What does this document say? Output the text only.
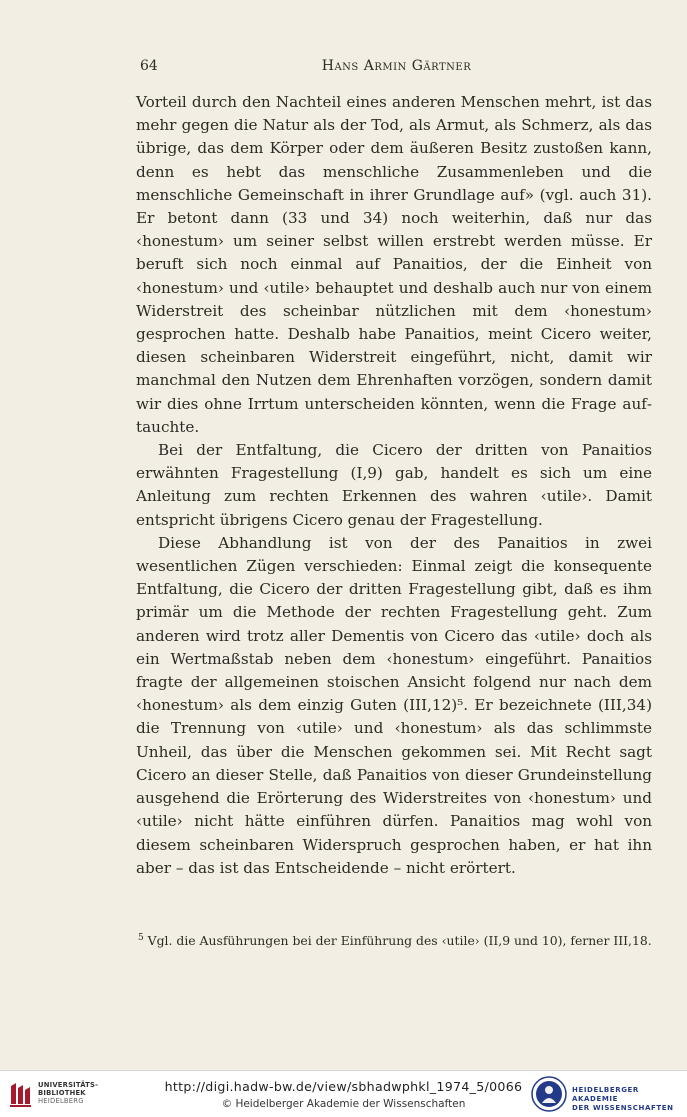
64	Hans Armin Gärtner

Vorteil durch den Nachteil eines anderen Menschen mehrt, ist das mehr gegen die Natur als der Tod, als Armut, als Schmerz, als das übrige, das dem Körper oder dem äußeren Besitz zustoßen kann, denn es hebt das menschliche Zusammenleben und die menschliche Gemeinschaft in ihrer Grundlage auf» (vgl. auch 31). Er betont dann (33 und 34) noch weiterhin, daß nur das ‹honestum› um seiner selbst willen erstrebt werden müsse. Er beruft sich noch einmal auf Panaitios, der die Einheit von ‹honestum› und ‹utile› behauptet und deshalb auch nur von einem Widerstreit des scheinbar nützlichen mit dem ‹honestum› gesprochen hatte. Deshalb habe Panaitios, meint Cicero weiter, diesen scheinbaren Widerstreit eingeführt, nicht, damit wir manchmal den Nutzen dem Ehrenhaften vorzögen, sondern damit wir dies ohne Irrtum unterscheiden könnten, wenn die Frage auftauchte.

Bei der Entfaltung, die Cicero der dritten von Panaitios erwähnten Fragestellung (I,9) gab, handelt es sich um eine Anleitung zum rechten Erkennen des wahren ‹utile›. Damit entspricht übrigens Cicero genau der Fragestellung.

Diese Abhandlung ist von der des Panaitios in zwei wesentlichen Zügen verschieden: Einmal zeigt die konsequente Entfaltung, die Cicero der dritten Fragestellung gibt, daß es ihm primär um die Methode der rechten Fragestellung geht. Zum anderen wird trotz aller Dementis von Cicero das ‹utile› doch als ein Wertmaßstab neben dem ‹honestum› eingeführt. Panaitios fragte der allgemeinen stoischen Ansicht folgend nur nach dem ‹honestum› als dem einzig Guten (III,12)⁵. Er bezeichnete (III,34) die Trennung von ‹utile› und ‹honestum› als das schlimmste Unheil, das über die Menschen gekommen sei. Mit Recht sagt Cicero an dieser Stelle, daß Panaitios von dieser Grundeinstellung ausgehend die Erörterung des Widerstreites von ‹honestum› und ‹utile› nicht hätte einführen dürfen. Panaitios mag wohl von diesem scheinbaren Widerspruch gesprochen haben, er hat ihn aber – das ist das Entscheidende – nicht erörtert.

$^5$ Vgl. die Ausführungen bei der Einführung des ‹utile› (II,9 und 10), ferner III,18.
UNIVERSITÄTS-
BIBLIOTHEK
HEIDELBERG
http://digi.hadw-bw.de/view/sbhadwphkl_1974_5/0066
© Heidelberger Akademie der Wissenschaften
HEIDELBERGER AKADEMIE
DER WISSENSCHAFTEN
